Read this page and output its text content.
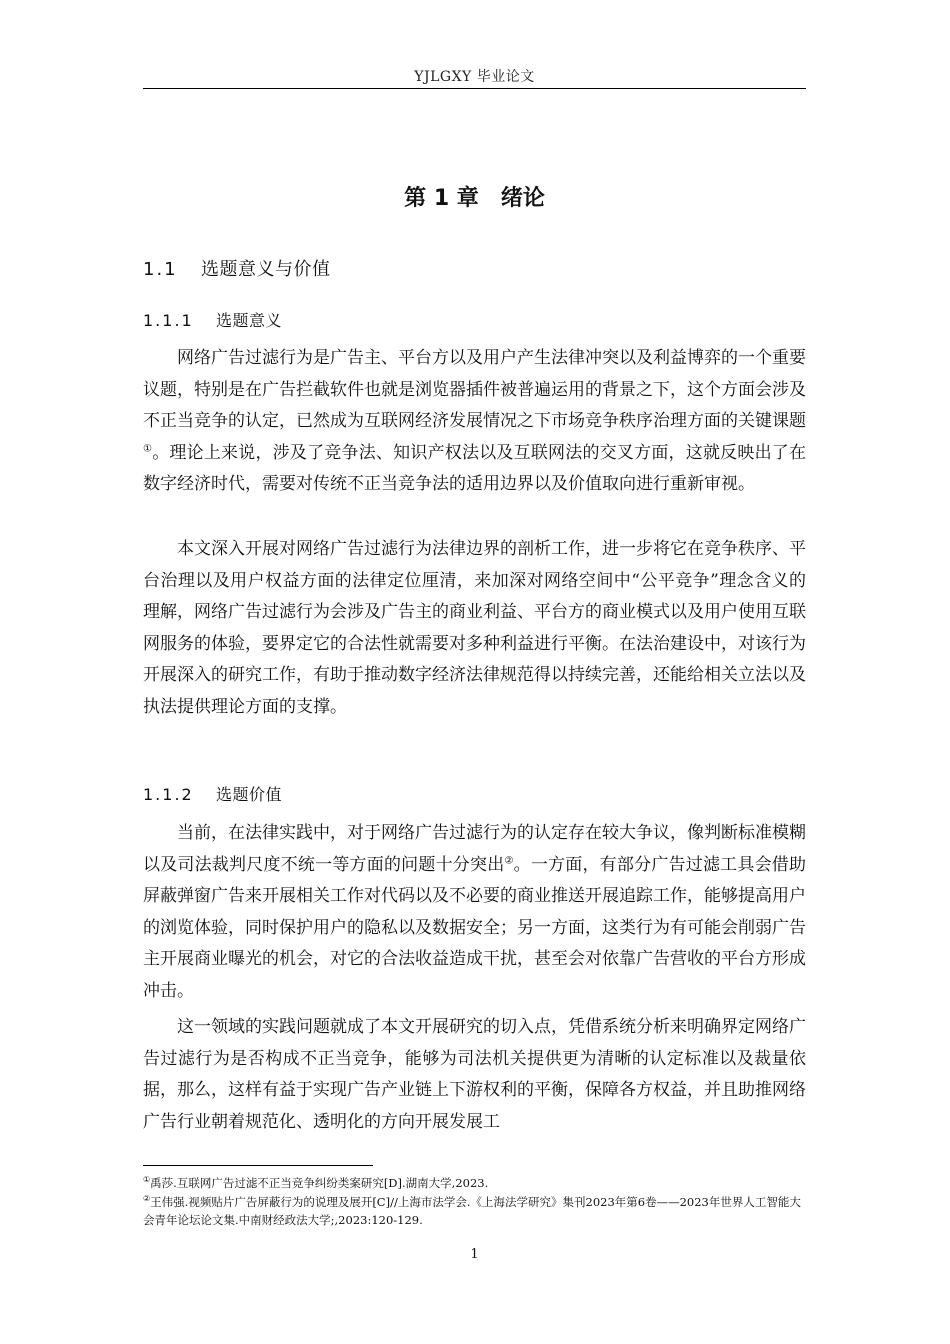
YJLGXY 毕业论文
第 1 章 绪论
1.1 选题意义与价值
1.1.1 选题意义

网络广告过滤行为是广告主、平台方以及用户产生法律冲突以及利益博弈的一个重要议题，特别是在广告拦截软件也就是浏览器插件被普遍运用的背景之下，这个方面会涉及不正当竞争的认定，已然成为互联网经济发展情况之下市场竞争秩序治理方面的关键课题①。理论上来说，涉及了竞争法、知识产权法以及互联网法的交叉方面，这就反映出了在数字经济时代，需要对传统不正当竞争法的适用边界以及价值取向进行重新审视。

本文深入开展对网络广告过滤行为法律边界的剖析工作，进一步将它在竞争秩序、平台治理以及用户权益方面的法律定位厘清，来加深对网络空间中“公平竞争”理念含义的理解，网络广告过滤行为会涉及广告主的商业利益、平台方的商业模式以及用户使用互联网服务的体验，要界定它的合法性就需要对多种利益进行平衡。在法治建设中，对该行为开展深入的研究工作，有助于推动数字经济法律规范得以持续完善，还能给相关立法以及执法提供理论方面的支撑。

1.1.2 选题价值

当前，在法律实践中，对于网络广告过滤行为的认定存在较大争议，像判断标准模糊以及司法裁判尺度不统一等方面的问题十分突出②。一方面，有部分广告过滤工具会借助屏蔽弹窗广告来开展相关工作对代码以及不必要的商业推送开展追踪工作，能够提高用户的浏览体验，同时保护用户的隐私以及数据安全；另一方面，这类行为有可能会削弱广告主开展商业曝光的机会，对它的合法收益造成干扰，甚至会对依靠广告营收的平台方形成冲击。

这一领域的实践问题就成了本文开展研究的切入点，凭借系统分析来明确界定网络广告过滤行为是否构成不正当竞争，能够为司法机关提供更为清晰的认定标准以及裁量依据，那么，这样有益于实现广告产业链上下游权利的平衡，保障各方权益，并且助推网络广告行业朝着规范化、透明化的方向开展发展工

①禹莎.互联网广告过滤不正当竞争纠纷类案研究[D].湖南大学,2023.
②王伟强.视频贴片广告屏蔽行为的说理及展开[C]//上海市法学会.《上海法学研究》集刊2023年第6卷——2023年世界人工智能大会青年论坛论文集.中南财经政法大学;,2023:120-129.
1
